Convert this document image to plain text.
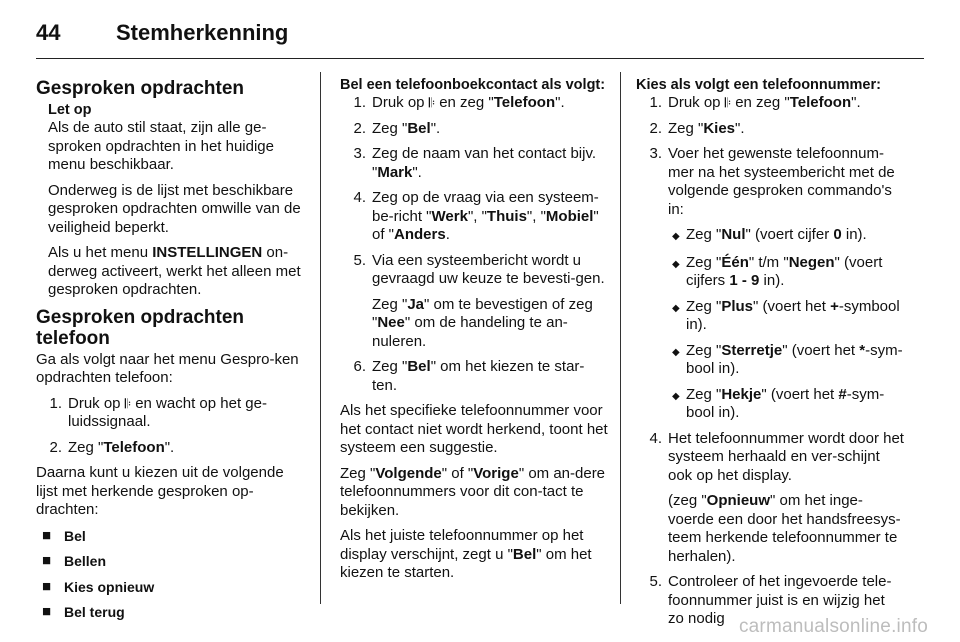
44	Stemherkenning
Gesproken opdrachten
Let op

Als de auto stil staat, zijn alle ge-sproken opdrachten in het huidige menu beschikbaar.

Onderweg is de lijst met beschikbare gesproken opdrachten omwille van de veiligheid beperkt.

Als u het menu INSTELLINGEN on-derweg activeert, werkt het alleen met gesproken opdrachten.

Gesproken opdrachten telefoon

Ga als volgt naar het menu Gespro-ken opdrachten telefoon:

1. Druk op 𝄆 en wacht op het ge-luidssignaal.
2. Zeg "Telefoon".

Daarna kunt u kiezen uit de volgende lijst met herkende gesproken op-drachten:

■ Bel
■ Bellen
■ Kies opnieuw
■ Bel terug
Bel een telefoonboekcontact als volgt:
1. Druk op 𝄆 en zeg "Telefoon".
2. Zeg "Bel".
3. Zeg de naam van het contact bijv. "Mark".
4. Zeg op de vraag via een systeem-be-richt "Werk", "Thuis", "Mobiel" of "Anders.
5. Via een systeembericht wordt u gevraagd uw keuze te bevesti-gen.

Zeg "Ja" om te bevestigen of zeg "Nee" om de handeling te an-nuleren.

6. Zeg "Bel" om het kiezen te star-ten.

Als het specifieke telefoonnummer voor het contact niet wordt herkend, toont het systeem een suggestie.

Zeg "Volgende" of "Vorige" om an-dere telefoonnummers voor dit con-tact te bekijken.

Als het juiste telefoonnummer op het display verschijnt, zegt u "Bel" om het kiezen te starten.

Kies als volgt een telefoonnummer:
1. Druk op 𝄆 en zeg "Telefoon".
2. Zeg "Kies".
3. Voer het gewenste telefoonnum-mer na het systeembericht met de volgende gesproken commando's in:
◆ Zeg "Nul" (voert cijfer 0 in).
◆ Zeg "Één" t/m "Negen" (voert cijfers 1 - 9 in).
◆ Zeg "Plus" (voert het +-symbool in).
◆ Zeg "Sterretje" (voert het *-sym-bool in).
◆ Zeg "Hekje" (voert het #-sym-bool in).
4. Het telefoonnummer wordt door het systeem herhaald en ver-schijnt ook op het display.

(zeg "Opnieuw" om het inge-voerde een door het handsfreesys-teem herkende telefoonnummer te herhalen).

5. Controleer of het ingevoerde tele-foonnummer juist is en wijzig het zo nodig carmanualsonline.info
